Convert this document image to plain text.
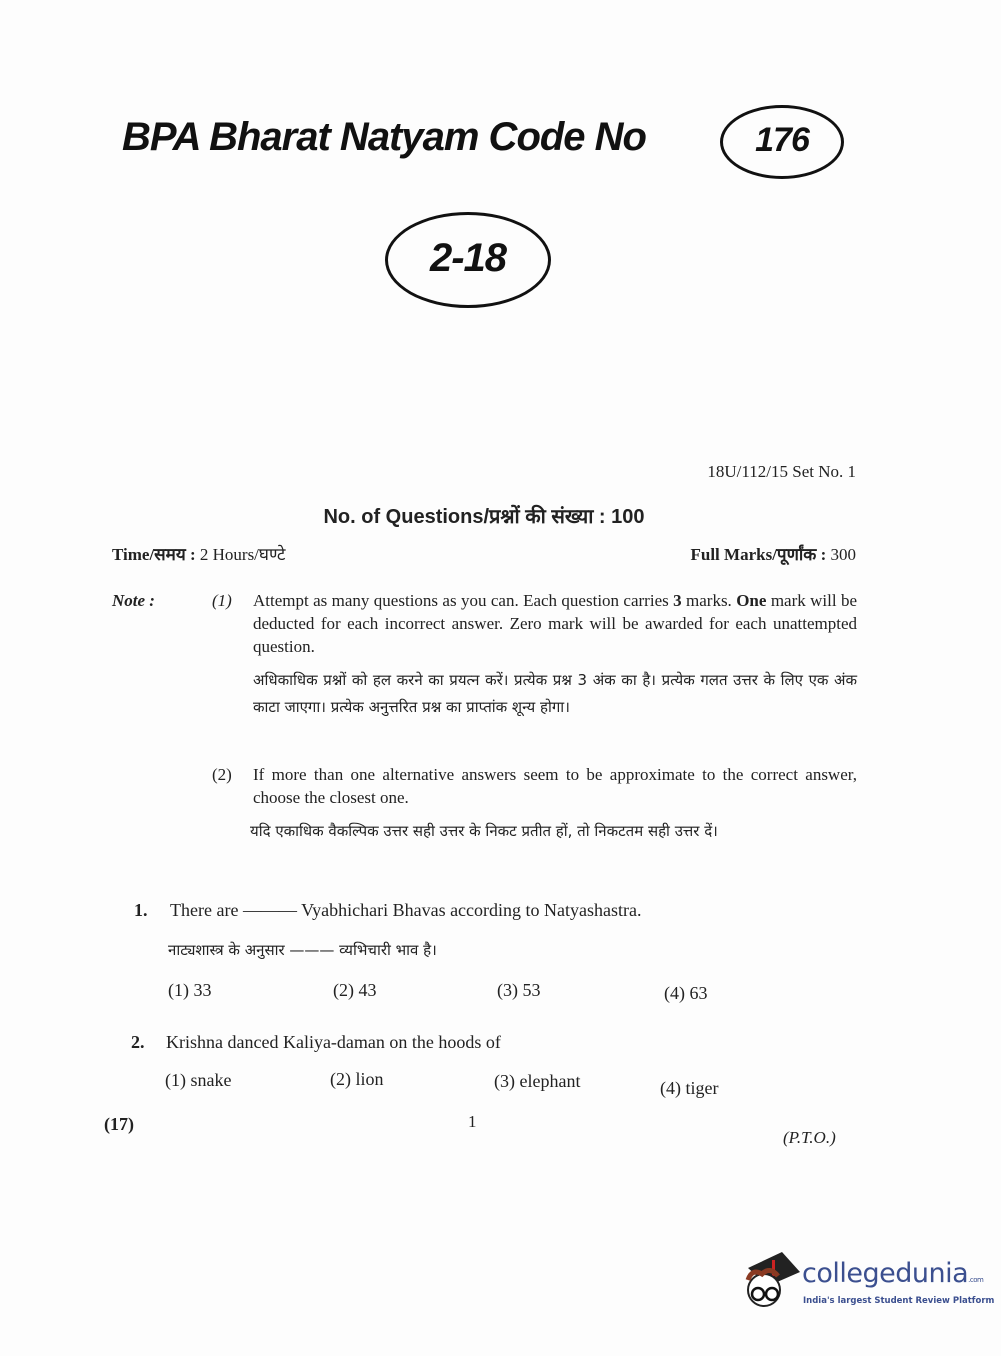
BPA Bharat Natyam Code No	176
2-18
18U/112/15 Set No. 1
No. of Questions/प्रश्नों की संख्या : 100
Time/समय : 2 Hours/घण्टे	Full Marks/पूर्णांक : 300
Note :	(1) Attempt as many questions as you can. Each question carries 3 marks. One mark will be deducted for each incorrect answer. Zero mark will be awarded for each unattempted question.
अधिकाधिक प्रश्नों को हल करने का प्रयत्न करें। प्रत्येक प्रश्न 3 अंक का है। प्रत्येक गलत उत्तर के लिए एक अंक काटा जाएगा। प्रत्येक अनुत्तरित प्रश्न का प्राप्तांक शून्य होगा।
(2) If more than one alternative answers seem to be approximate to the correct answer, choose the closest one.
यदि एकाधिक वैकल्पिक उत्तर सही उत्तर के निकट प्रतीत हों, तो निकटतम सही उत्तर दें।
1. There are ——— Vyabhichari Bhavas according to Natyashastra.
नाट्यशास्त्र के अनुसार ——— व्यभिचारी भाव है।
(1) 33	(2) 43	(3) 53	(4) 63
2. Krishna danced Kaliya-daman on the hoods of
(1) snake	(2) lion	(3) elephant	(4) tiger
(17)	1
(P.T.O.)
collegedunia.com
India's largest Student Review Platform
